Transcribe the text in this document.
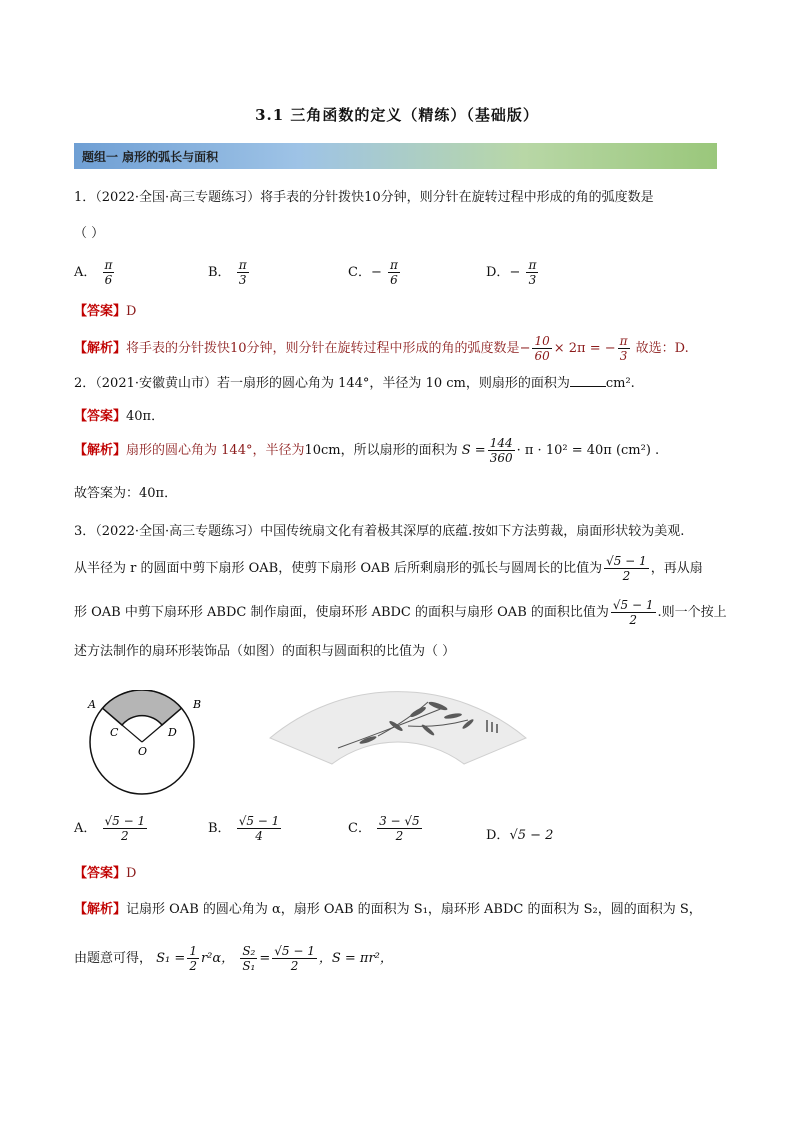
3.1 三角函数的定义（精练）（基础版）
题组一 扇形的弧长与面积
1．（2022·全国·高三专题练习）将手表的分针拨快10分钟，则分针在旋转过程中形成的角的弧度数是
（ ）
A． $\frac{\pi}{6}$	B． $\frac{\pi}{3}$	C．− $\frac{\pi}{6}$	D．− $\frac{\pi}{3}$
【答案】D
【解析】将手表的分针拨快10分钟，则分针在旋转过程中形成的角的弧度数是− $\frac{10}{60} \times 2\pi$ = − $\frac{\pi}{3}$ 故选：D.
2．（2021·安徽黄山市）若一扇形的圆心角为 144°，半径为 10 cm，则扇形的面积为	cm².
【答案】40π．
【解析】扇形的圆心角为 144°，半径为10cm，所以扇形的面积为 $S = \frac{144}{360} \cdot \pi \cdot 10^2 = 40\pi$ (cm²) .
故答案为：40π．
3．（2022·全国·高三专题练习）中国传统扇文化有着极其深厚的底蕴.按如下方法剪裁，扇面形状较为美观.
从半径为 r 的圆面中剪下扇形 OAB，使剪下扇形 OAB 后所剩扇形的弧长与圆周长的比值为 $\frac{√5 - 1}{2}$ ，再从扇
形 OAB 中剪下扇环形 ABDC 制作扇面，使扇环形 ABDC 的面积与扇形 OAB 的面积比值为 $\frac{√5 - 1}{2}$ .则一个按上
述方法制作的扇环形装饰品（如图）的面积与圆面积的比值为（ ）
A	B
C	D
O
A． $\frac{√5 - 1}{2}$	B． $\frac{√5 - 1}{4}$	C． $\frac{3 - √5}{2}$	D．√5 − 2
【答案】D
【解析】记扇形 OAB 的圆心角为 α，扇形 OAB 的面积为 S₁，扇环形 ABDC 的面积为 S₂，圆的面积为 S，
由题意可得， $S_1 = \frac{1}{2} r^2\alpha$， $\frac{\text{S₂}}{\text{S₁}} = \frac{√5 - 1}{2}$ ，S = πr²，
